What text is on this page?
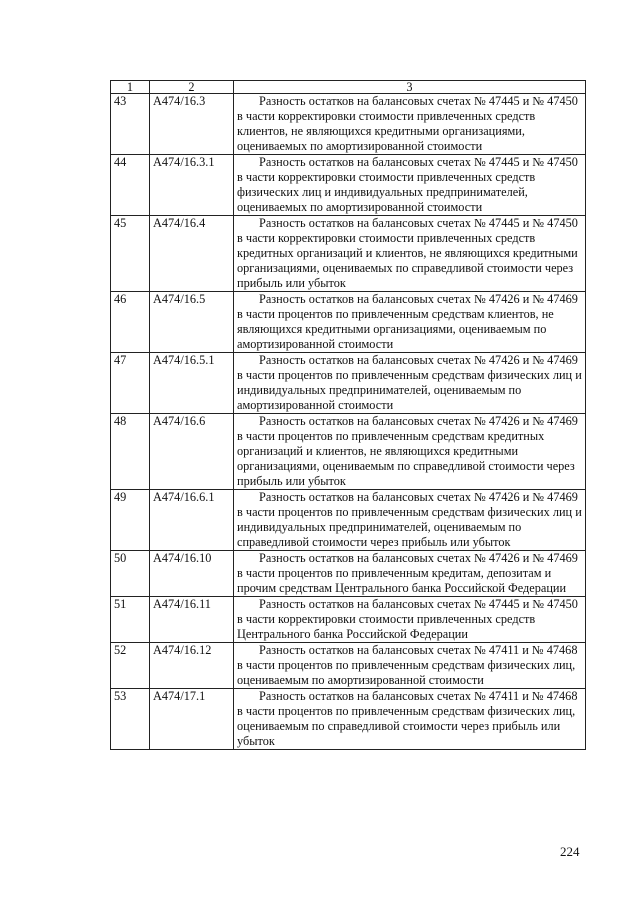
1	2	3
43	A474/16.3	Разность остатков на балансовых счетах № 47445 и № 47450 в части корректировки стоимости привлеченных средств клиентов, не являющихся кредитными организациями, оцениваемых по амортизированной стоимости
44	A474/16.3.1	Разность остатков на балансовых счетах № 47445 и № 47450 в части корректировки стоимости привлеченных средств физических лиц и индивидуальных предпринимателей, оцениваемых по амортизированной стоимости
45	A474/16.4	Разность остатков на балансовых счетах № 47445 и № 47450 в части корректировки стоимости привлеченных средств кредитных организаций и клиентов, не являющихся кредитными организациями, оцениваемых по справедливой стоимости через прибыль или убыток
46	A474/16.5	Разность остатков на балансовых счетах № 47426 и № 47469 в части процентов по привлеченным средствам клиентов, не являющихся кредитными организациями, оцениваемым по амортизированной стоимости
47	A474/16.5.1	Разность остатков на балансовых счетах № 47426 и № 47469 в части процентов по привлеченным средствам физических лиц и индивидуальных предпринимателей, оцениваемым по амортизированной стоимости
48	A474/16.6	Разность остатков на балансовых счетах № 47426 и № 47469 в части процентов по привлеченным средствам кредитных организаций и клиентов, не являющихся кредитными организациями, оцениваемым по справедливой стоимости через прибыль или убыток
49	A474/16.6.1	Разность остатков на балансовых счетах № 47426 и № 47469 в части процентов по привлеченным средствам физических лиц и индивидуальных предпринимателей, оцениваемым по справедливой стоимости через прибыль или убыток
50	A474/16.10	Разность остатков на балансовых счетах № 47426 и № 47469 в части процентов по привлеченным кредитам, депозитам и прочим средствам Центрального банка Российской Федерации
51	A474/16.11	Разность остатков на балансовых счетах № 47445 и № 47450 в части корректировки стоимости привлеченных средств Центрального банка Российской Федерации
52	A474/16.12	Разность остатков на балансовых счетах № 47411 и № 47468 в части процентов по привлеченным средствам физических лиц, оцениваемым по амортизированной стоимости
53	A474/17.1	Разность остатков на балансовых счетах № 47411 и № 47468 в части процентов по привлеченным средствам физических лиц, оцениваемым по справедливой стоимости через прибыль или убыток
224
